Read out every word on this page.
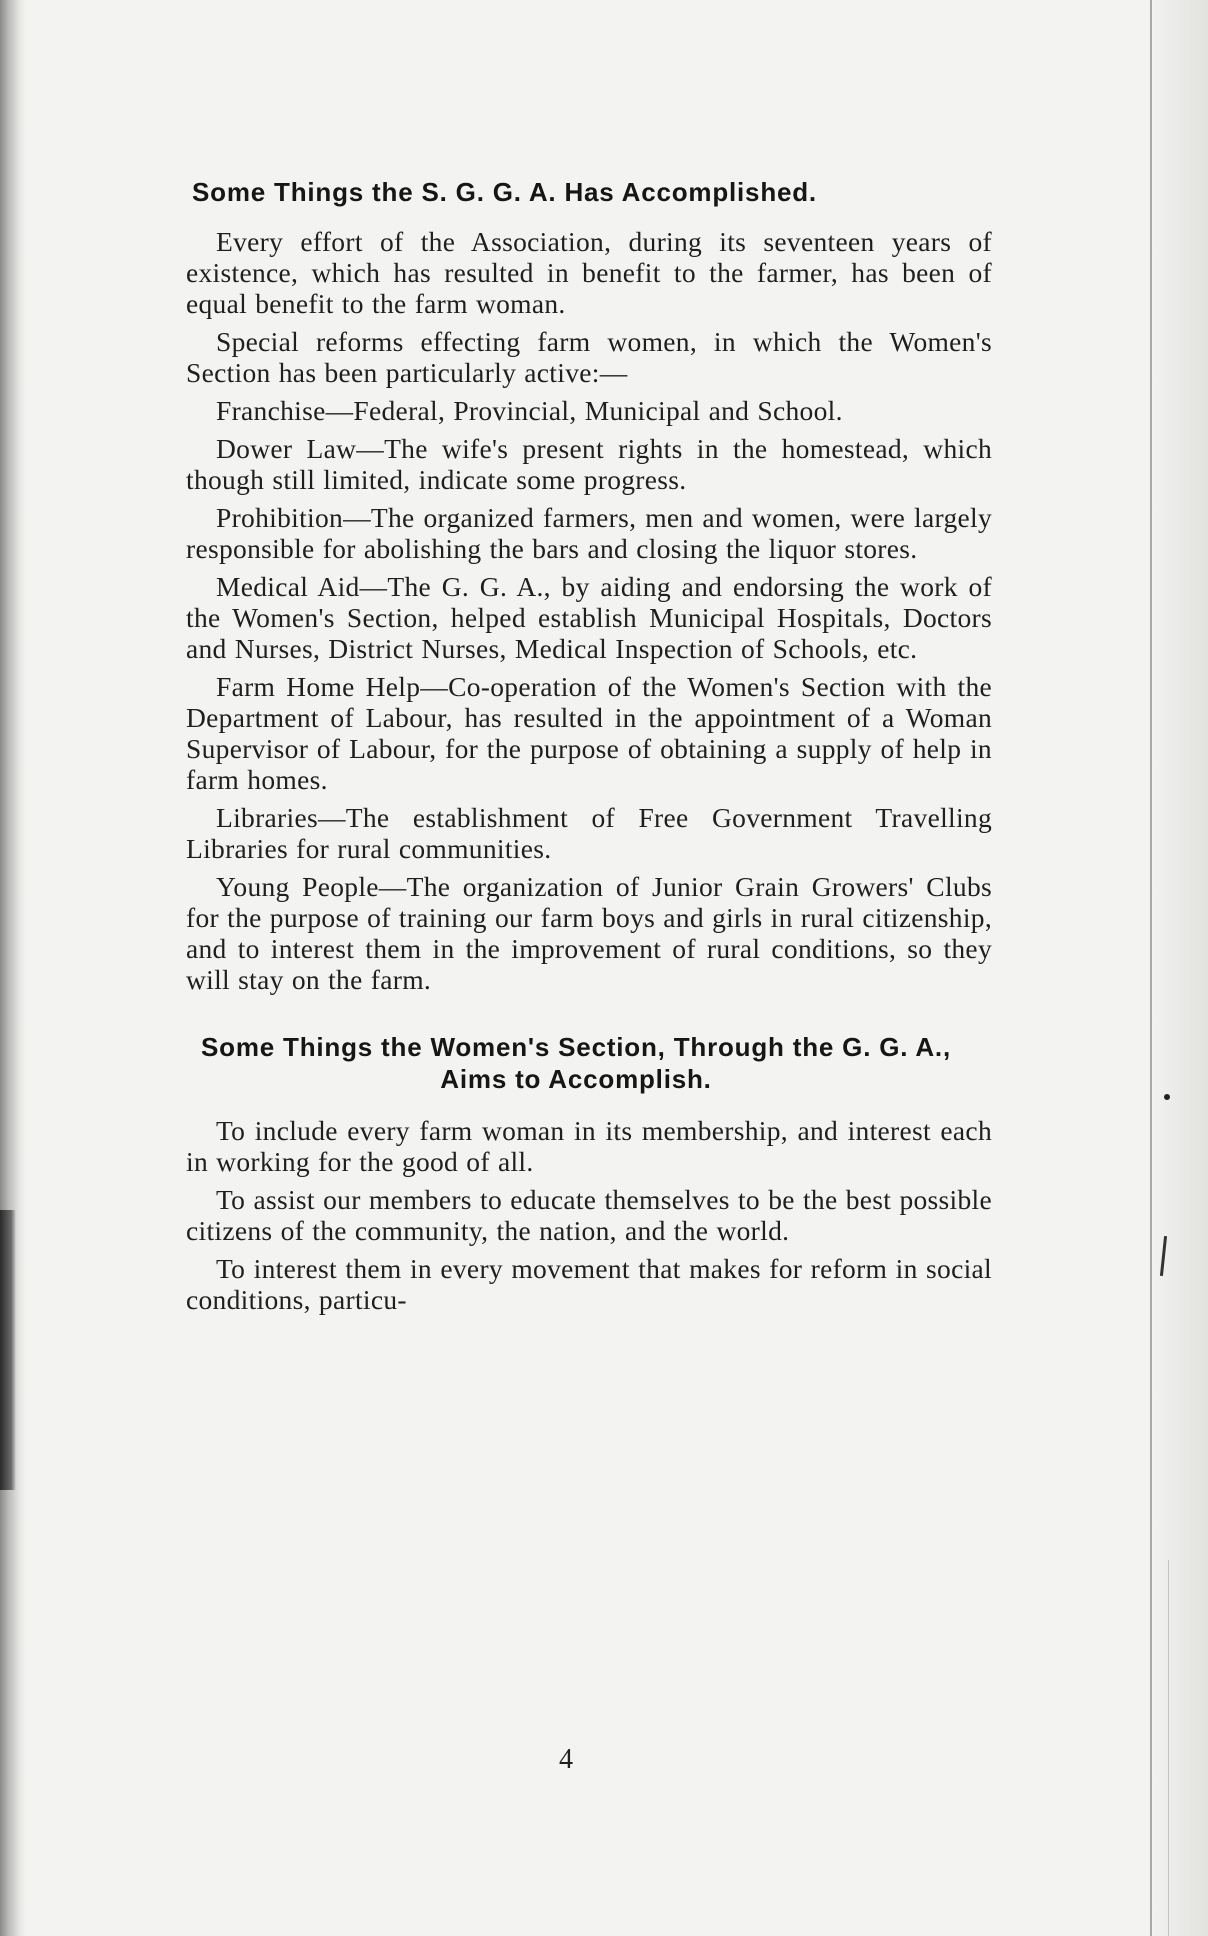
Some Things the S. G. G. A. Has Accomplished.

Every effort of the Association, during its seventeen years of existence, which has resulted in benefit to the farmer, has been of equal benefit to the farm woman.

Special reforms effecting farm women, in which the Women's Section has been particularly active:—

Franchise—Federal, Provincial, Municipal and School.

Dower Law—The wife's present rights in the homestead, which though still limited, indicate some progress.

Prohibition—The organized farmers, men and women, were largely responsible for abolishing the bars and closing the liquor stores.

Medical Aid—The G. G. A., by aiding and endorsing the work of the Women's Section, helped establish Municipal Hospitals, Doctors and Nurses, District Nurses, Medical Inspection of Schools, etc.

Farm Home Help—Co-operation of the Women's Section with the Department of Labour, has resulted in the appointment of a Woman Supervisor of Labour, for the purpose of obtaining a supply of help in farm homes.

Libraries—The establishment of Free Government Travelling Libraries for rural communities.

Young People—The organization of Junior Grain Growers' Clubs for the purpose of training our farm boys and girls in rural citizenship, and to interest them in the improvement of rural conditions, so they will stay on the farm.

Some Things the Women's Section, Through the G. G. A., Aims to Accomplish.

To include every farm woman in its membership, and interest each in working for the good of all.

To assist our members to educate themselves to be the best possible citizens of the community, the nation, and the world.

To interest them in every movement that makes for reform in social conditions, particu-

4
